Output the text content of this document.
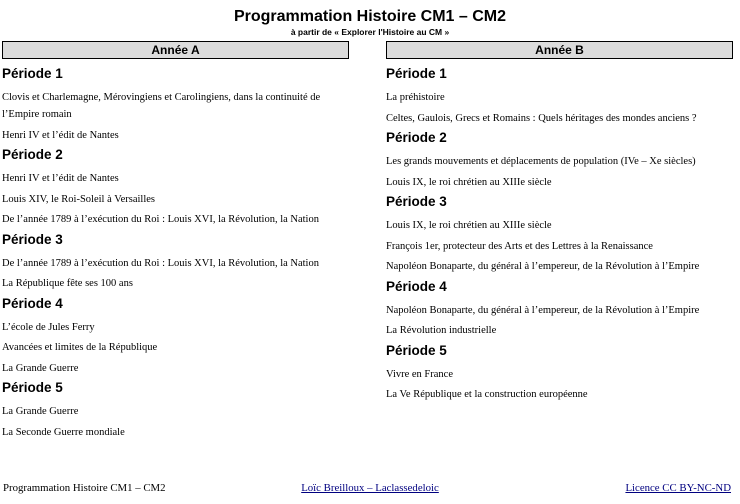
Programmation Histoire CM1 – CM2
à partir de « Explorer l'Histoire au CM »
Année A	Année B
Période 1

Clovis et Charlemagne, Mérovingiens et Carolingiens, dans la continuité de l’Empire romain

Henri IV et l’édit de Nantes

Période 2

Henri IV et l’édit de Nantes

Louis XIV, le Roi-Soleil à Versailles

De l’année 1789 à l’exécution du Roi : Louis XVI, la Révolution, la Nation

Période 3

De l’année 1789 à l’exécution du Roi : Louis XVI, la Révolution, la Nation

La République fête ses 100 ans

Période 4

L’école de Jules Ferry

Avancées et limites de la République

La Grande Guerre

Période 5

La Grande Guerre

La Seconde Guerre mondiale

Période 1

La préhistoire

Celtes, Gaulois, Grecs et Romains : Quels héritages des mondes anciens ?

Période 2

Les grands mouvements et déplacements de population (IVe – Xe siècles)

Louis IX, le roi chrétien au XIIIe siècle

Période 3

Louis IX, le roi chrétien au XIIIe siècle

François 1er, protecteur des Arts et des Lettres à la Renaissance

Napoléon Bonaparte, du général à l’empereur, de la Révolution à l’Empire

Période 4

Napoléon Bonaparte, du général à l’empereur, de la Révolution à l’Empire

La Révolution industrielle

Période 5

Vivre en France

La Ve République et la construction européenne

Programmation Histoire CM1 – CM2	Loïc Breilloux – Laclassedeloic	Licence CC BY-NC-ND
